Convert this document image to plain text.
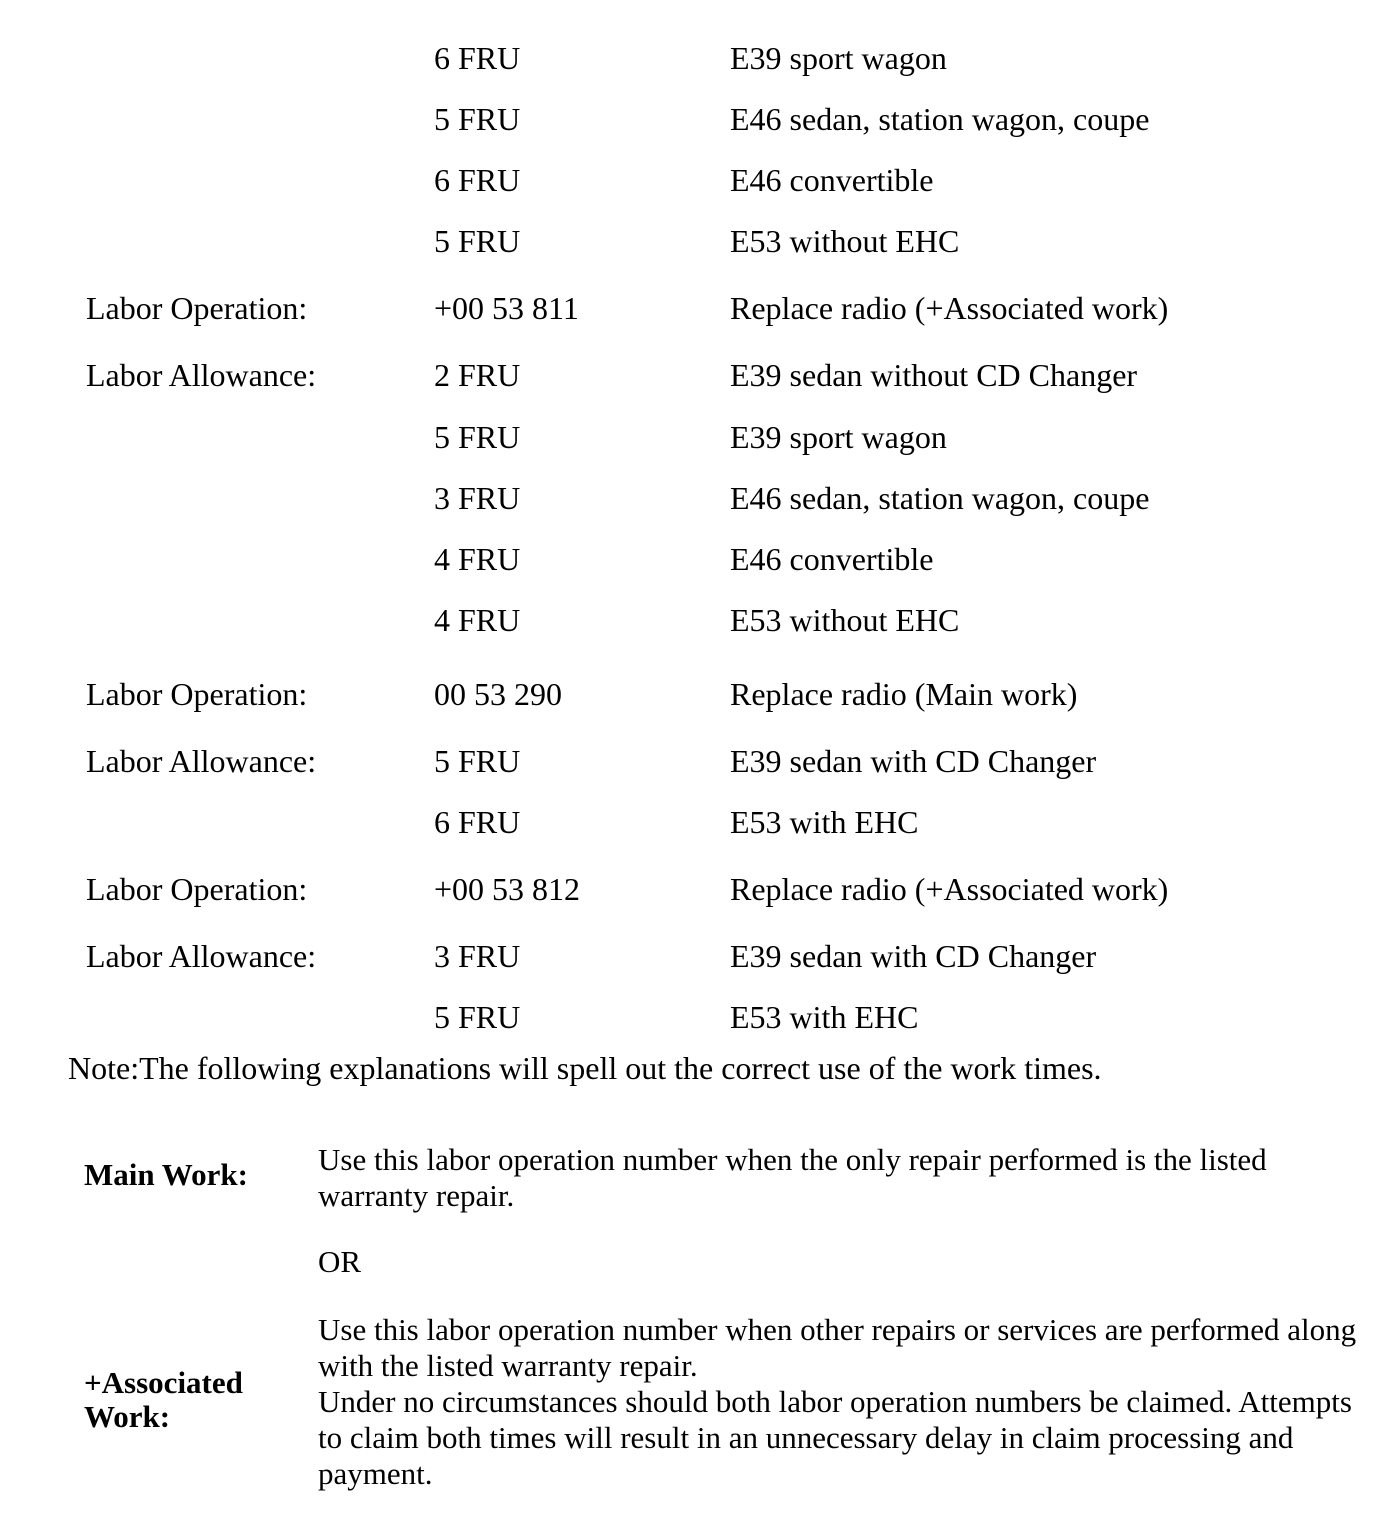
6 FRU	E39 sport wagon
5 FRU	E46 sedan, station wagon, coupe
6 FRU	E46 convertible
5 FRU	E53 without EHC
Labor Operation:	+00 53 811	Replace radio (+Associated work)
Labor Allowance:	2 FRU	E39 sedan without CD Changer
5 FRU	E39 sport wagon
3 FRU	E46 sedan, station wagon, coupe
4 FRU	E46 convertible
4 FRU	E53 without EHC
Labor Operation:	00 53 290	Replace radio (Main work)
Labor Allowance:	5 FRU	E39 sedan with CD Changer
6 FRU	E53 with EHC
Labor Operation:	+00 53 812	Replace radio (+Associated work)
Labor Allowance:	3 FRU	E39 sedan with CD Changer
5 FRU	E53 with EHC
Note:The following explanations will spell out the correct use of the work times.
Main Work: Use this labor operation number when the only repair performed is the listed warranty repair.

OR
+Associated Work:

Use this labor operation number when other repairs or services are performed along with the listed warranty repair.

Under no circumstances should both labor operation numbers be claimed. Attempts to claim both times will result in an unnecessary delay in claim processing and payment.
